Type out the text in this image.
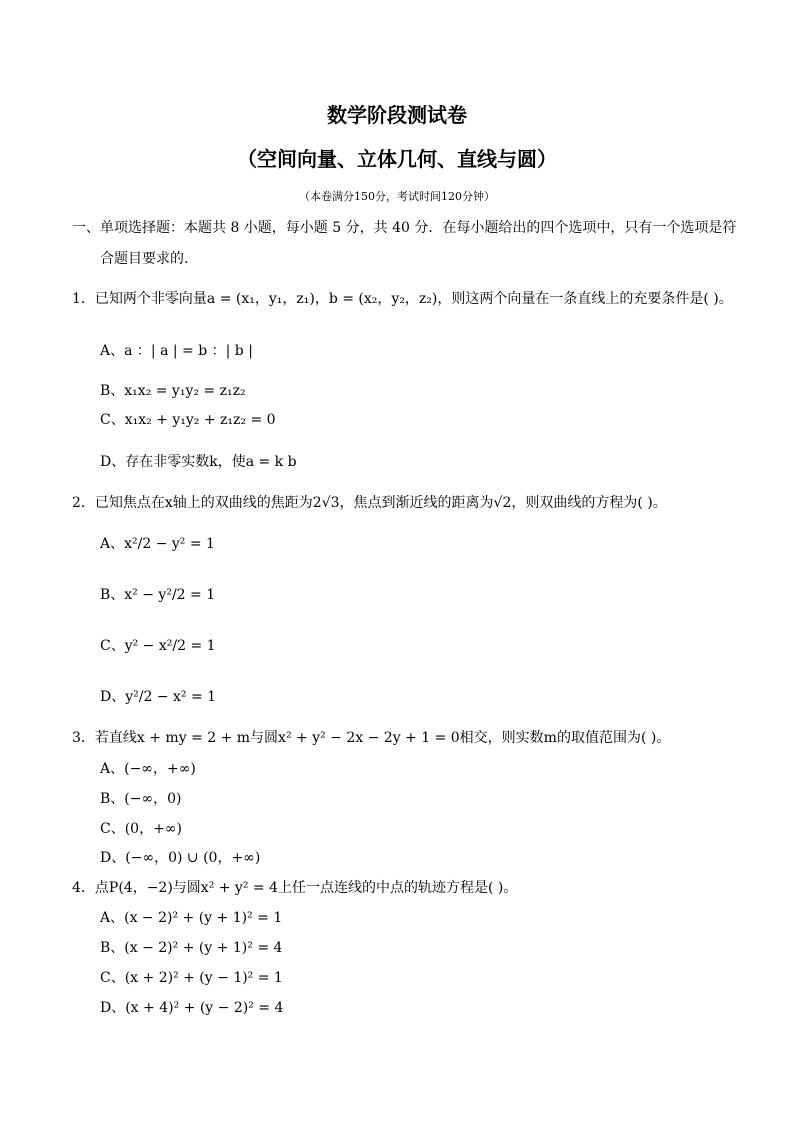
数学阶段测试卷
（空间向量、立体几何、直线与圆）
（本卷满分150分，考试时间120分钟）
一、单项选择题：本题共 8 小题，每小题 5 分，共 40 分．在每小题给出的四个选项中，只有一个选项是符
合题目要求的.
1．已知两个非零向量a = (x₁，y₁，z₁)，b = (x₂，y₂，z₂)，则这两个向量在一条直线上的充要条件是( )。
A、a ：| a | = b ：| b |
B、x₁x₂ = y₁y₂ = z₁z₂
C、x₁x₂ + y₁y₂ + z₁z₂ = 0
D、存在非零实数k，使a = k b
2．已知焦点在x轴上的双曲线的焦距为2√3，焦点到渐近线的距离为√2，则双曲线的方程为( )。
A、x²/2 − y² = 1
B、x² − y²/2 = 1
C、y² − x²/2 = 1
D、y²/2 − x² = 1
3．若直线x + my = 2 + m与圆x² + y² − 2x − 2y + 1 = 0相交，则实数m的取值范围为( )。
A、(−∞，+∞)
B、(−∞，0)
C、(0，+∞)
D、(−∞，0) ∪ (0，+∞)
4．点P(4，−2)与圆x² + y² = 4上任一点连线的中点的轨迹方程是( )。
A、(x − 2)² + (y + 1)² = 1
B、(x − 2)² + (y + 1)² = 4
C、(x + 2)² + (y − 1)² = 1
D、(x + 4)² + (y − 2)² = 4
